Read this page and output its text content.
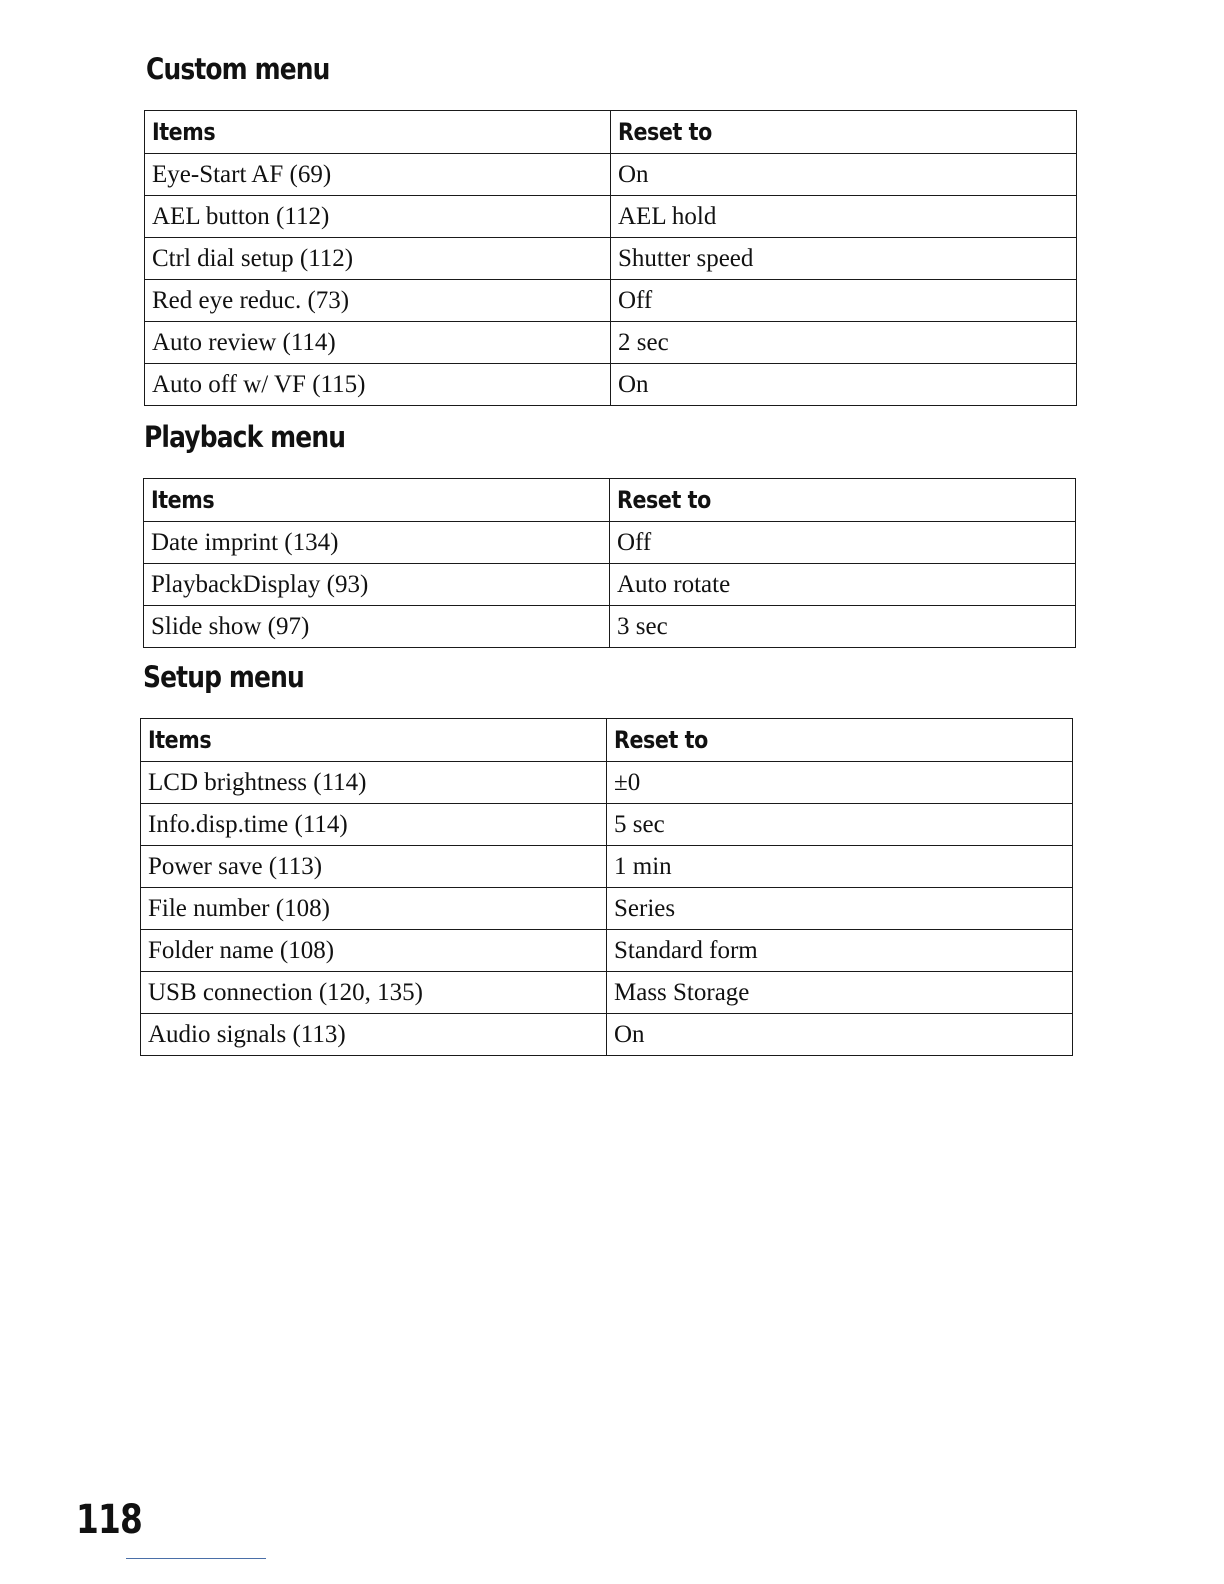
Custom menu
Items	Reset to
Eye-Start AF (69)	On
AEL button (112)	AEL hold
Ctrl dial setup (112)	Shutter speed
Red eye reduc. (73)	Off
Auto review (114)	2 sec
Auto off w/ VF (115)	On
Playback menu
Items	Reset to
Date imprint (134)	Off
PlaybackDisplay (93)	Auto rotate
Slide show (97)	3 sec
Setup menu
Items	Reset to
LCD brightness (114)	±0
Info.disp.time (114)	5 sec
Power save (113)	1 min
File number (108)	Series
Folder name (108)	Standard form
USB connection (120, 135)	Mass Storage
Audio signals (113)	On
118
